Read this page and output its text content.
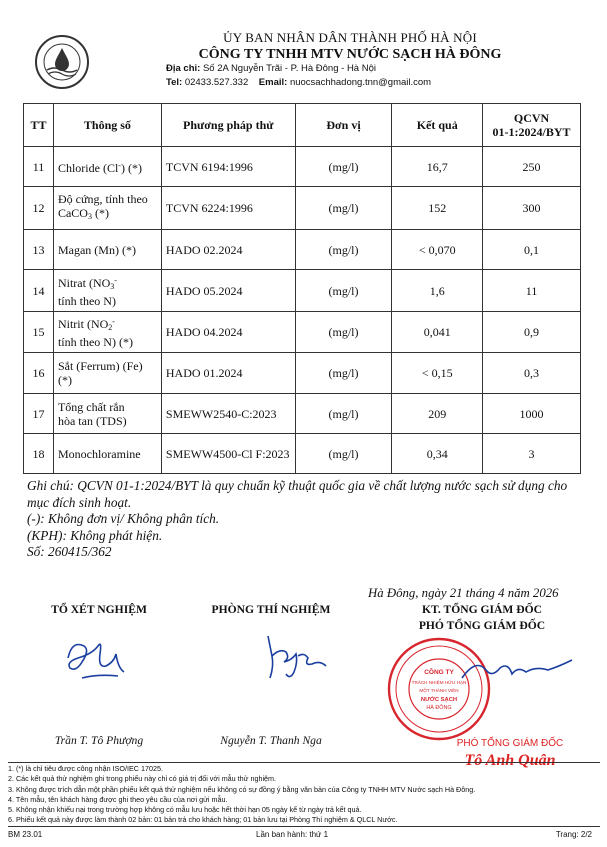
ỦY BAN NHÂN DÂN THÀNH PHỐ HÀ NỘI
CÔNG TY TNHH MTV NƯỚC SẠCH HÀ ĐÔNG
Địa chỉ: Số 2A Nguyễn Trãi - P. Hà Đông - Hà Nội
Tel: 02433.527.332 Email: nuocsachhadong.tnn@gmail.com
TT	Thông số	Phương pháp thử	Đơn vị	Kết quả	QCVN
01-1:2024/BYT

11	Chloride (Cl-) (*)	TCVN 6194:1996	(mg/l)	16,7	250
12	Độ cứng, tính theo
CaCO$_3$ (*)	TCVN 6224:1996	(mg/l)	152	300
13	Magan (Mn) (*)	HADO 02.2024	(mg/l)	< 0,070	0,1
14	Nitrat ($NO_3^-$
tính theo N)	HADO 05.2024	(mg/l)	1,6	11
15	Nitrit ($NO_2^-$
tính theo N) (*)	HADO 04.2024	(mg/l)	0,041	0,9
16	Sắt (Ferrum) (Fe) (*)	HADO 01.2024	(mg/l)	< 0,15	0,3
17	Tổng chất rắn
hòa tan (TDS)	SMEWW2540-C:2023	(mg/l)	209	1000
18	Monochloramine	SMEWW4500-Cl F:2023	(mg/l)	0,34	3
Ghi chú: QCVN 01-1:2024/BYT là quy chuẩn kỹ thuật quốc gia về chất lượng nước sạch sử dụng cho mục đích sinh hoạt.
(-): Không đơn vị/ Không phân tích.
(KPH): Không phát hiện.
Số: 260415/362
Hà Đông, ngày 21 tháng 4 năm 2026
TỔ XÉT NGHIỆM	PHÒNG THÍ NGHIỆM	KT. TỔNG GIÁM ĐỐC
PHÓ TỔNG GIÁM ĐỐC
CÔNG TY
TRÁCH NHIỆM HỮU HẠN
MỘT THÀNH VIÊN
NƯỚC SẠCH
HÀ ĐÔNG
Trần T. Tô Phượng	Nguyễn T. Thanh Nga	PHÓ TỔNG GIÁM ĐỐC
Tô Anh Quân
1. (*) là chỉ tiêu được công nhận ISO/IEC 17025.
2. Các kết quả thử nghiệm ghi trong phiếu này chỉ có giá trị đối với mẫu thử nghiệm.
3. Không được trích dẫn một phần phiếu kết quả thử nghiệm nếu không có sự đồng ý bằng văn bản của Công ty TNHH MTV Nước sạch Hà Đông.
4. Tên mẫu, tên khách hàng được ghi theo yêu cầu của nơi gửi mẫu.
5. Không nhận khiếu nại trong trường hợp không có mẫu lưu hoặc hết thời hạn 05 ngày kể từ ngày trả kết quả.
6. Phiếu kết quả này được làm thành 02 bản: 01 bản trả cho khách hàng; 01 bản lưu tại Phòng Thí nghiệm & QLCL Nước.
BM 23.01	Lần ban hành: thứ 1	Trang: 2/2
